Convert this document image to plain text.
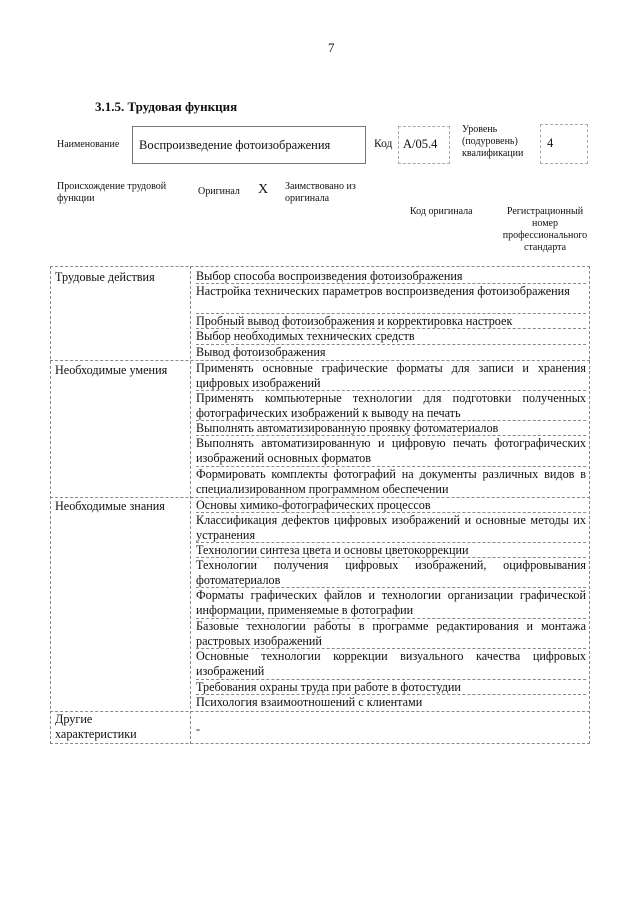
7
3.1.5. Трудовая функция
Наименование Воспроизведение фотоизображения	Код A/05.4
Уровень (подуровень) квалификации
4
Происхождение трудовой функции
Оригинал X Заимствовано из оригинала
Код оригинала	Регистрационный номер профессионального стандарта
Трудовые действия
Необходимые умения
Необходимые знания
Другие характеристики
Выбор способа воспроизведения фотоизображения
Настройка технических параметров воспроизведения фотоизображения
Пробный вывод фотоизображения и корректировка настроек
Выбор необходимых технических средств
Вывод фотоизображения
Применять основные графические форматы для записи и хранения цифровых изображений
Применять компьютерные технологии для подготовки полученных фотографических изображений к выводу на печать
Выполнять автоматизированную проявку фотоматериалов
Выполнять автоматизированную и цифровую печать фотографических изображений основных форматов
Формировать комплекты фотографий на документы различных видов в специализированном программном обеспечении
Основы химико-фотографических процессов
Классификация дефектов цифровых изображений и основные методы их устранения
Технологии синтеза цвета и основы цветокоррекции
Технологии получения цифровых изображений, оцифровывания фотоматериалов
Форматы графических файлов и технологии организации графической информации, применяемые в фотографии
Базовые технологии работы в программе редактирования и монтажа растровых изображений
Основные технологии коррекции визуального качества цифровых изображений
Требования охраны труда при работе в фотостудии
Психология взаимоотношений с клиентами
-
